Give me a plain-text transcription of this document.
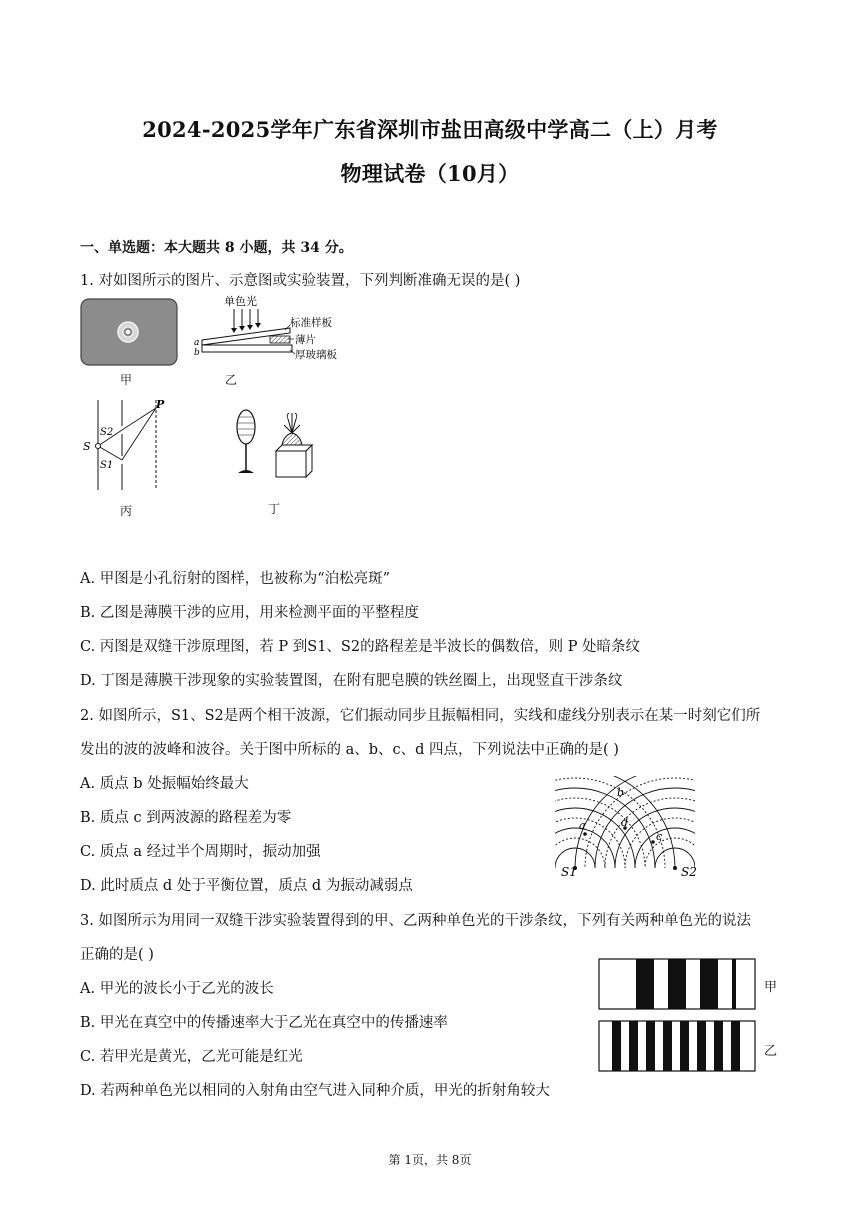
2024-2025学年广东省深圳市盐田高级中学高二（上）月考
物理试卷（10月）
一、单选题：本大题共 8 小题，共 34 分。
1. 对如图所示的图片、示意图或实验装置，下列判断准确无误的是( )
甲
单色光
标准样板
薄片
厚玻璃板
a
b
乙
P
S
S2
S1
丙	丁
A. 甲图是小孔衍射的图样，也被称为“泊松亮斑”
B. 乙图是薄膜干涉的应用，用来检测平面的平整程度
C. 丙图是双缝干涉原理图，若 P 到S1、S2的路程差是半波长的偶数倍，则 P 处暗条纹
D. 丁图是薄膜干涉现象的实验装置图，在附有肥皂膜的铁丝圈上，出现竖直干涉条纹
2. 如图所示，S1、S2是两个相干波源，它们振动同步且振幅相同，实线和虚线分别表示在某一时刻它们所
发出的波的波峰和波谷。关于图中所标的 a、b、c、d 四点，下列说法中正确的是( )
A. 质点 b 处振幅始终最大
B. 质点 c 到两波源的路程差为零
C. 质点 a 经过半个周期时，振动加强
D. 此时质点 d 处于平衡位置，质点 d 为振动减弱点
b
a	d
c
S1	S2
3. 如图所示为用同一双缝干涉实验装置得到的甲、乙两种单色光的干涉条纹，下列有关两种单色光的说法
正确的是( )
A. 甲光的波长小于乙光的波长
B. 甲光在真空中的传播速率大于乙光在真空中的传播速率
C. 若甲光是黄光，乙光可能是红光
D. 若两种单色光以相同的入射角由空气进入同种介质，甲光的折射角较大
甲
乙
第 1页，共 8页
